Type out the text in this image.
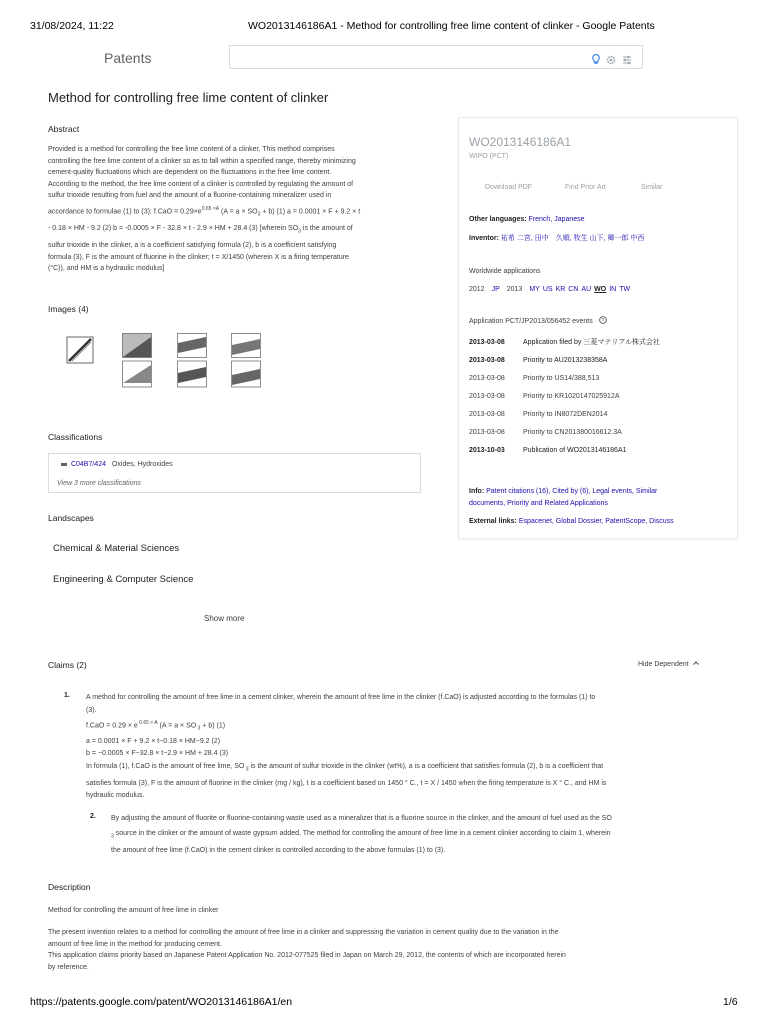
31/08/2024, 11:22	WO2013146186A1 - Method for controlling free lime content of clinker - Google Patents
Patents
Method for controlling free lime content of clinker
Abstract
Provided is a method for controlling the free lime content of a clinker. This method comprises
controlling the free lime content of a clinker so as to fall within a specified range, thereby minimizing
cement-quality fluctuations which are dependent on the fluctuations in the free lime content.
According to the method, the free lime content of a clinker is controlled by regulating the amount of
sulfur trioxide resulting from fuel and the amount of a fluorine-containing mineralizer used in
accordance to formulae (1) to (3): $f.CaO = 0.29\times e^{0.65 \times A}$ $(A = a \times SO_3 + b)$ (1) a = 0.0001 × F + 9.2 × t
- 0.18 × HM - 9.2 (2) b = -0.0005 × F - 32.8 × t - 2.9 × HM + 28.4 (3) [wherein $SO_3$ is the amount of
sulfur trioxide in the clinker, a is a coefficient satisfying formula (2), b is a coefficient satisfying
formula (3), F is the amount of fluorine in the clinker; t = X/1450 (wherein X is a firing temperature
(°C)), and HM is a hydraulic modulus]
Images (4)
Classifications
C04B7/424 Oxides, Hydroxides
View 3 more classifications
Landscapes
Chemical & Material Sciences
Engineering & Computer Science
Show more
WO2013146186A1
WIPO (PCT)
Download PDF	Find Prior Art	Similar
Other languages: French, Japanese
Inventor: 祐希 二宮, 田中　久順, 牧生 山下, 卿一郎 中西
Worldwide applications
2012 JP 2013 MY US KR CN AU WO IN TW
Application PCT/JP2013/056452 events ?
2013-03-08	Application filed by 三菱マテリアル株式会社
2013-03-08	Priority to AU2013238358A
2013-03-08	Priority to US14/388,513
2013-03-08	Priority to KR1020147025912A
2013-03-08	Priority to IN8072DEN2014
2013-03-08	Priority to CN201380016612.3A
2013-10-03	Publication of WO2013146186A1
Info: Patent citations (16), Cited by (6), Legal events, Similar
documents, Priority and Related Applications
External links: Espacenet, Global Dossier, PatentScope, Discuss
Claims (2)	Hide Dependent
1. A method for controlling the amount of free lime in a cement clinker, wherein the amount of free lime in the clinker (f.CaO) is adjusted according to the formulas (1) to
(3).
f.CaO = 0.29 × e $^{0.65 \times A}$ (A = a × SO $_3$ + b) (1)
a = 0.0001 × F + 9.2 × t−0.18 × HM−9.2 (2)
b = −0.0005 × F−32.8 × t−2.9 × HM + 28.4 (3)
In formula (1), f.CaO is the amount of free lime, SO $_3$ is the amount of sulfur trioxide in the clinker (wt%), a is a coefficient that satisfies formula (2), b is a coefficient that
satisfies formula (3), F is the amount of fluorine in the clinker (mg / kg), t is a coefficient based on 1450 ° C., t = X / 1450 when the firing temperature is X ° C., and HM is
hydraulic modulus.
2. By adjusting the amount of fluorite or fluorine-containing waste used as a mineralizer that is a fluorine source in the clinker, and the amount of fuel used as the SO
$_3$ source in the clinker or the amount of waste gypsum added, The method for controlling the amount of free lime in a cement clinker according to claim 1, wherein
the amount of free lime (f.CaO) in the cement clinker is controlled according to the above formulas (1) to (3).
Description
Method for controlling the amount of free lime in clinker
The present invention relates to a method for controlling the amount of free lime in a clinker and suppressing the variation in cement quality due to the variation in the
amount of free lime in the method for producing cement.
This application claims priority based on Japanese Patent Application No. 2012-077525 filed in Japan on March 29, 2012, the contents of which are incorporated herein
by reference.
https://patents.google.com/patent/WO2013146186A1/en	1/6
